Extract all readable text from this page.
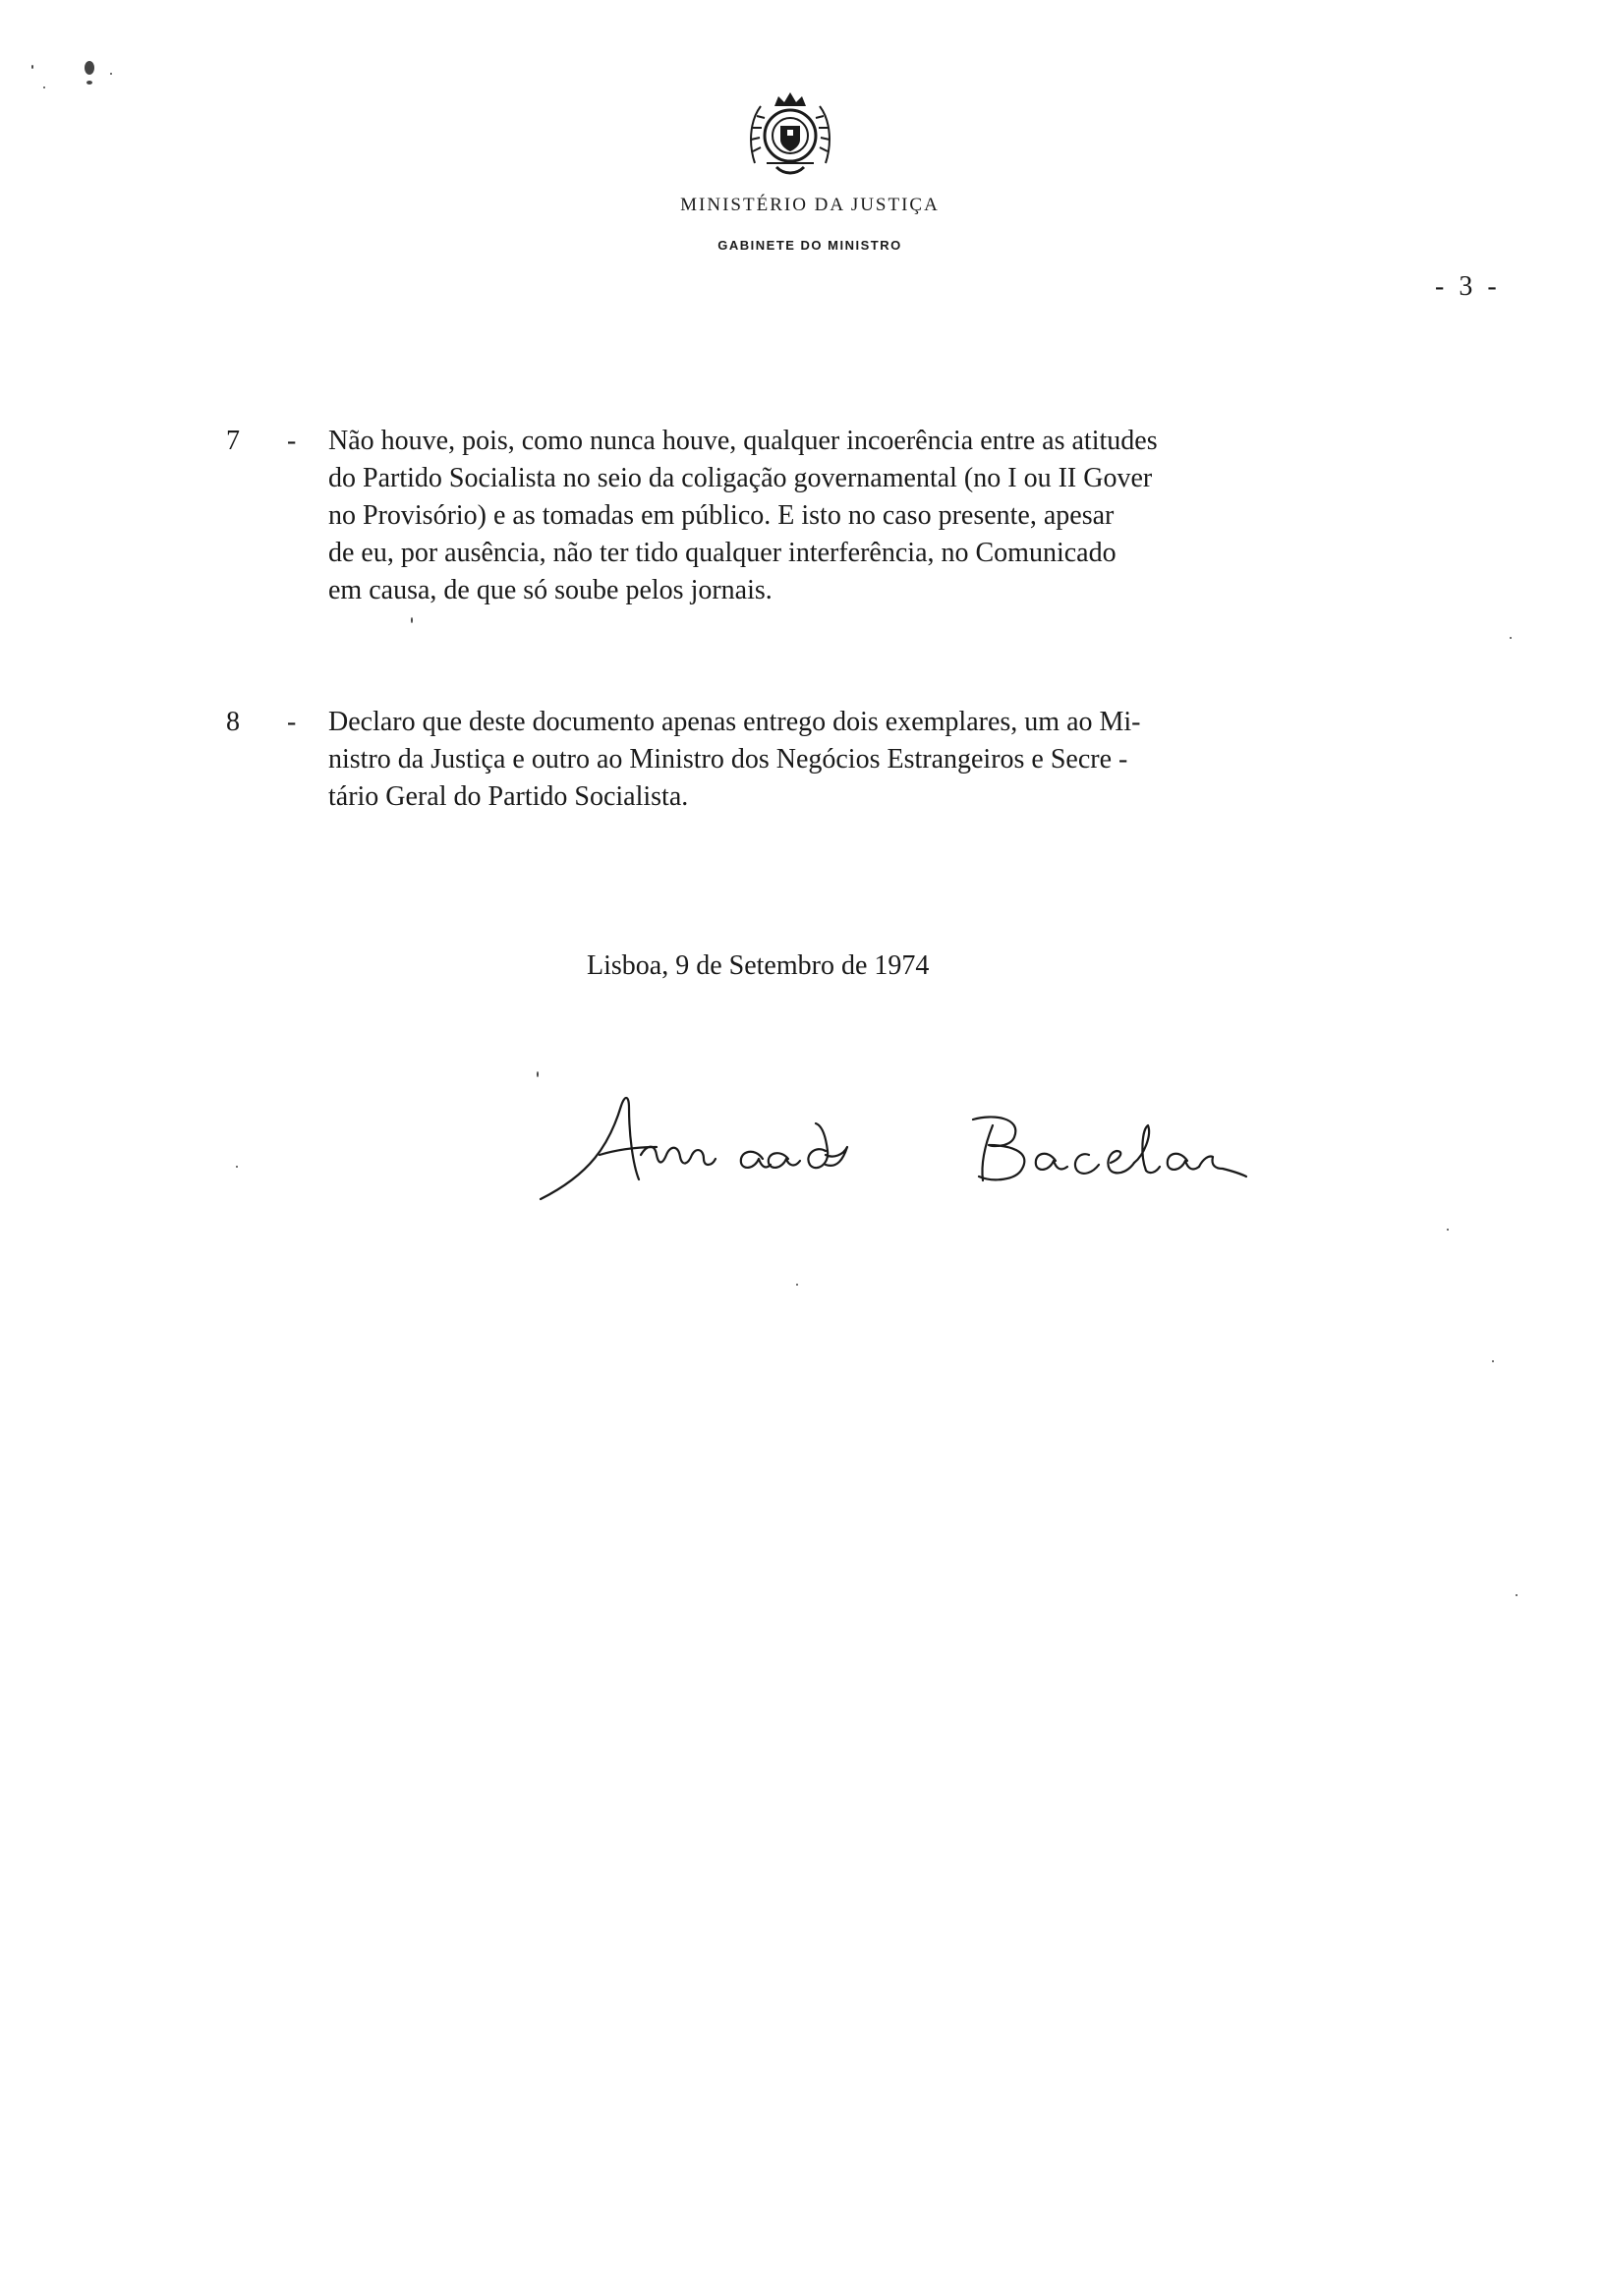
MINISTÉRIO DA JUSTIÇA
GABINETE DO MINISTRO
- 3 -
7 - Não houve, pois, como nunca houve, qualquer incoerência entre as atitudes
do Partido Socialista no seio da coligação governamental (no I ou II Gover
no Provisório) e as tomadas em público. E isto no caso presente, apesar
de eu, por ausência, não ter tido qualquer interferência, no Comunicado
em causa, de que só soube pelos jornais.
8 - Declaro que deste documento apenas entrego dois exemplares, um ao Mi-
nistro da Justiça e outro ao Ministro dos Negócios Estrangeiros e Secre -
tário Geral do Partido Socialista.
Lisboa, 9 de Setembro de 1974
